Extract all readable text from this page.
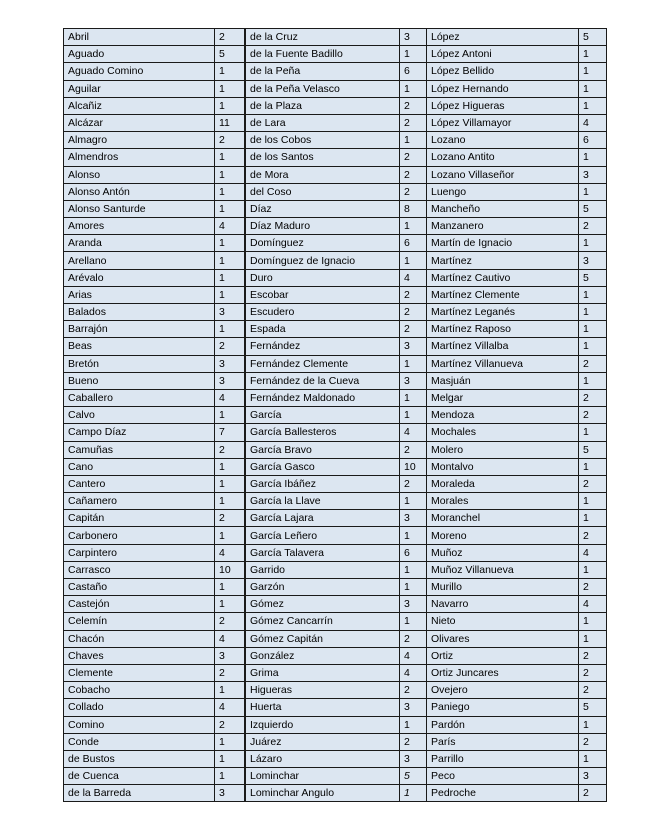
Abril	2
Aguado	5
Aguado Comino	1
Aguilar	1
Alcañiz	1
Alcázar	11
Almagro	2
Almendros	1
Alonso	1
Alonso Antón	1
Alonso Santurde	1
Amores	4
Aranda	1
Arellano	1
Arévalo	1
Arias	1
Balados	3
Barrajón	1
Beas	2
Bretón	3
Bueno	3
Caballero	4
Calvo	1
Campo Díaz	7
Camuñas	2
Cano	1
Cantero	1
Cañamero	1
Capitán	2
Carbonero	1
Carpintero	4
Carrasco	10
Castaño	1
Castejón	1
Celemín	2
Chacón	4
Chaves	3
Clemente	2
Cobacho	1
Collado	4
Comino	2
Conde	1
de Bustos	1
de Cuenca	1
de la Barreda	3
de la Cruz	3
de la Fuente Badillo	1
de la Peña	6
de la Peña Velasco	1
de la Plaza	2
de Lara	2
de los Cobos	1
de los Santos	2
de Mora	2
del Coso	2
Díaz	8
Díaz Maduro	1
Domínguez	6
Domínguez de Ignacio	1
Duro	4
Escobar	2
Escudero	2
Espada	2
Fernández	3
Fernández Clemente	1
Fernández de la Cueva	3
Fernández Maldonado	1
García	1
García Ballesteros	4
García Bravo	2
García Gasco	10
García Ibáñez	2
García la Llave	1
García Lajara	3
García Leñero	1
García Talavera	6
Garrido	1
Garzón	1
Gómez	3
Gómez Cancarrín	1
Gómez Capitán	2
González	4
Grima	4
Higueras	2
Huerta	3
Izquierdo	1
Juárez	2
Lázaro	3
Lominchar	5
Lominchar Angulo	1
López	5
López Antoni	1
López Bellido	1
López Hernando	1
López Higueras	1
López Villamayor	4
Lozano	6
Lozano Antito	1
Lozano Villaseñor	3
Luengo	1
Mancheño	5
Manzanero	2
Martín de Ignacio	1
Martínez	3
Martínez Cautivo	5
Martínez Clemente	1
Martínez Leganés	1
Martínez Raposo	1
Martínez Villalba	1
Martínez Villanueva	2
Masjuán	1
Melgar	2
Mendoza	2
Mochales	1
Molero	5
Montalvo	1
Moraleda	2
Morales	1
Moranchel	1
Moreno	2
Muñoz	4
Muñoz Villanueva	1
Murillo	2
Navarro	4
Nieto	1
Olivares	1
Ortiz	2
Ortiz Juncares	2
Ovejero	2
Paniego	5
Pardón	1
París	2
Parrillo	1
Peco	3
Pedroche	2
